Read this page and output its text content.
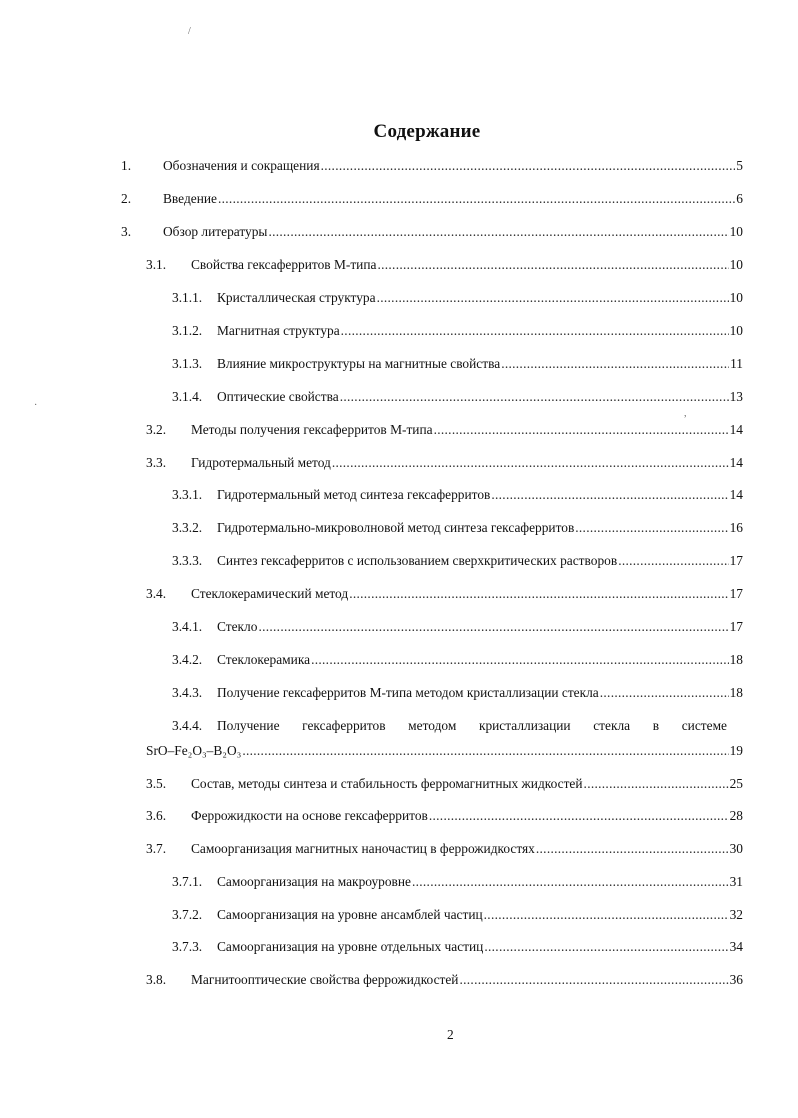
Содержание
1.	Обозначения и сокращения .....	5
2.	Введение .....	6
3.	Обзор литературы .....	10
3.1.	Свойства гексаферритов М-типа .....	10
3.1.1.	Кристаллическая структура .....	10
3.1.2.	Магнитная структура .....	10
3.1.3.	Влияние микроструктуры на магнитные свойства .....	11
3.1.4.	Оптические свойства .....	13
3.2.	Методы получения гексаферритов М-типа .....	14
3.3.	Гидротермальный метод .....	14
3.3.1.	Гидротермальный метод синтеза гексаферритов .....	14
3.3.2.	Гидротермально-микроволновой метод синтеза гексаферритов .....	16
3.3.3.	Синтез гексаферритов с использованием сверхкритических растворов .....	17
3.4.	Стеклокерамический метод .....	17
3.4.1.	Стекло .....	17
3.4.2.	Стеклокерамика .....	18
3.4.3.	Получение гексаферритов М-типа методом кристаллизации стекла .....	18
3.4.4.	Получение гексаферритов методом кристаллизации стекла в системе
SrO–Fe₂O₃–B₂O₃ .....	19
3.5.	Состав, методы синтеза и стабильность ферромагнитных жидкостей .....	25
3.6.	Феррожидкости на основе гексаферритов .....	28
3.7.	Самоорганизация магнитных наночастиц в феррожидкостях .....	30
3.7.1.	Самоорганизация на макроуровне .....	31
3.7.2.	Самоорганизация на уровне ансамблей частиц .....	32
3.7.3.	Самоорганизация на уровне отдельных частиц .....	34
3.8.	Магнитооптические свойства феррожидкостей .....	36
2
/
·
,
